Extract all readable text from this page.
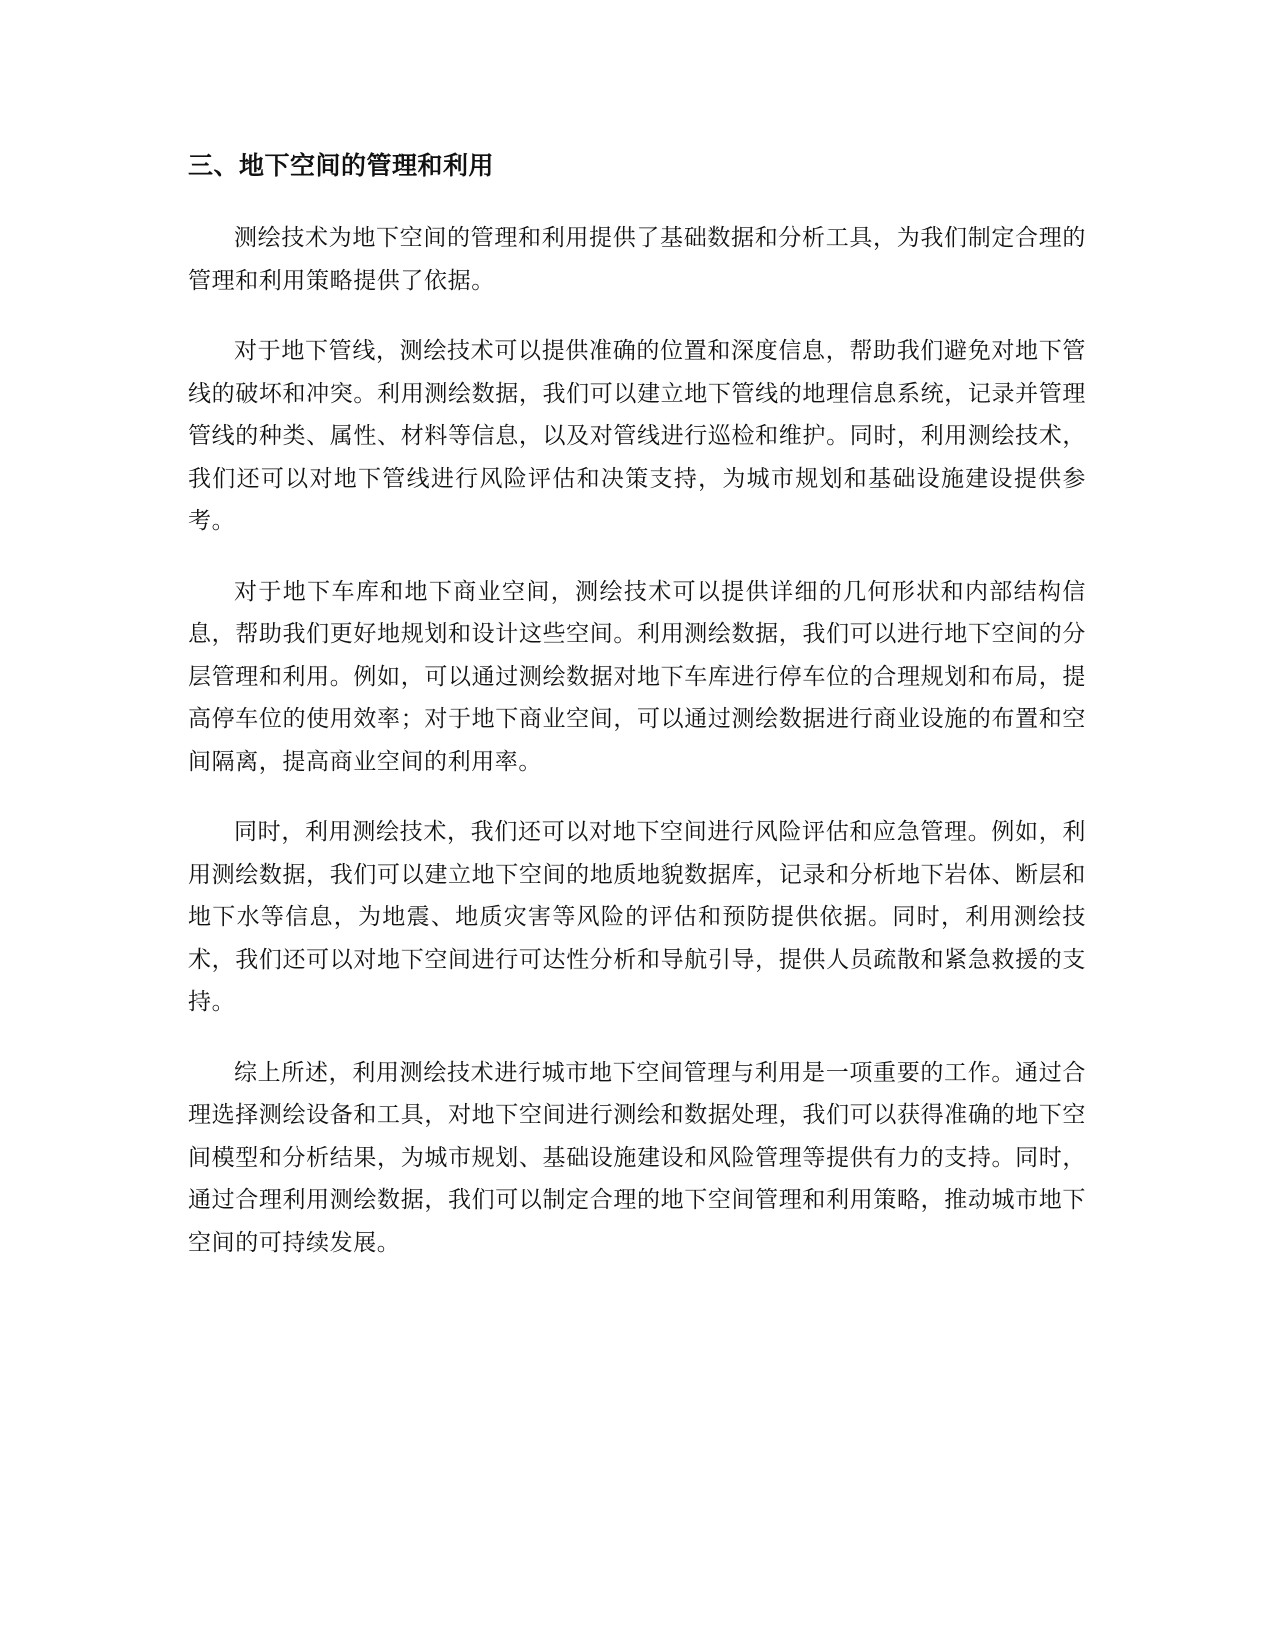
三、地下空间的管理和利用

测绘技术为地下空间的管理和利用提供了基础数据和分析工具，为我们制定合理的管理和利用策略提供了依据。

对于地下管线，测绘技术可以提供准确的位置和深度信息，帮助我们避免对地下管线的破坏和冲突。利用测绘数据，我们可以建立地下管线的地理信息系统，记录并管理管线的种类、属性、材料等信息，以及对管线进行巡检和维护。同时，利用测绘技术，我们还可以对地下管线进行风险评估和决策支持，为城市规划和基础设施建设提供参考。

对于地下车库和地下商业空间，测绘技术可以提供详细的几何形状和内部结构信息，帮助我们更好地规划和设计这些空间。利用测绘数据，我们可以进行地下空间的分层管理和利用。例如，可以通过测绘数据对地下车库进行停车位的合理规划和布局，提高停车位的使用效率；对于地下商业空间，可以通过测绘数据进行商业设施的布置和空间隔离，提高商业空间的利用率。

同时，利用测绘技术，我们还可以对地下空间进行风险评估和应急管理。例如，利用测绘数据，我们可以建立地下空间的地质地貌数据库，记录和分析地下岩体、断层和地下水等信息，为地震、地质灾害等风险的评估和预防提供依据。同时，利用测绘技术，我们还可以对地下空间进行可达性分析和导航引导，提供人员疏散和紧急救援的支持。

综上所述，利用测绘技术进行城市地下空间管理与利用是一项重要的工作。通过合理选择测绘设备和工具，对地下空间进行测绘和数据处理，我们可以获得准确的地下空间模型和分析结果，为城市规划、基础设施建设和风险管理等提供有力的支持。同时，通过合理利用测绘数据，我们可以制定合理的地下空间管理和利用策略，推动城市地下空间的可持续发展。
